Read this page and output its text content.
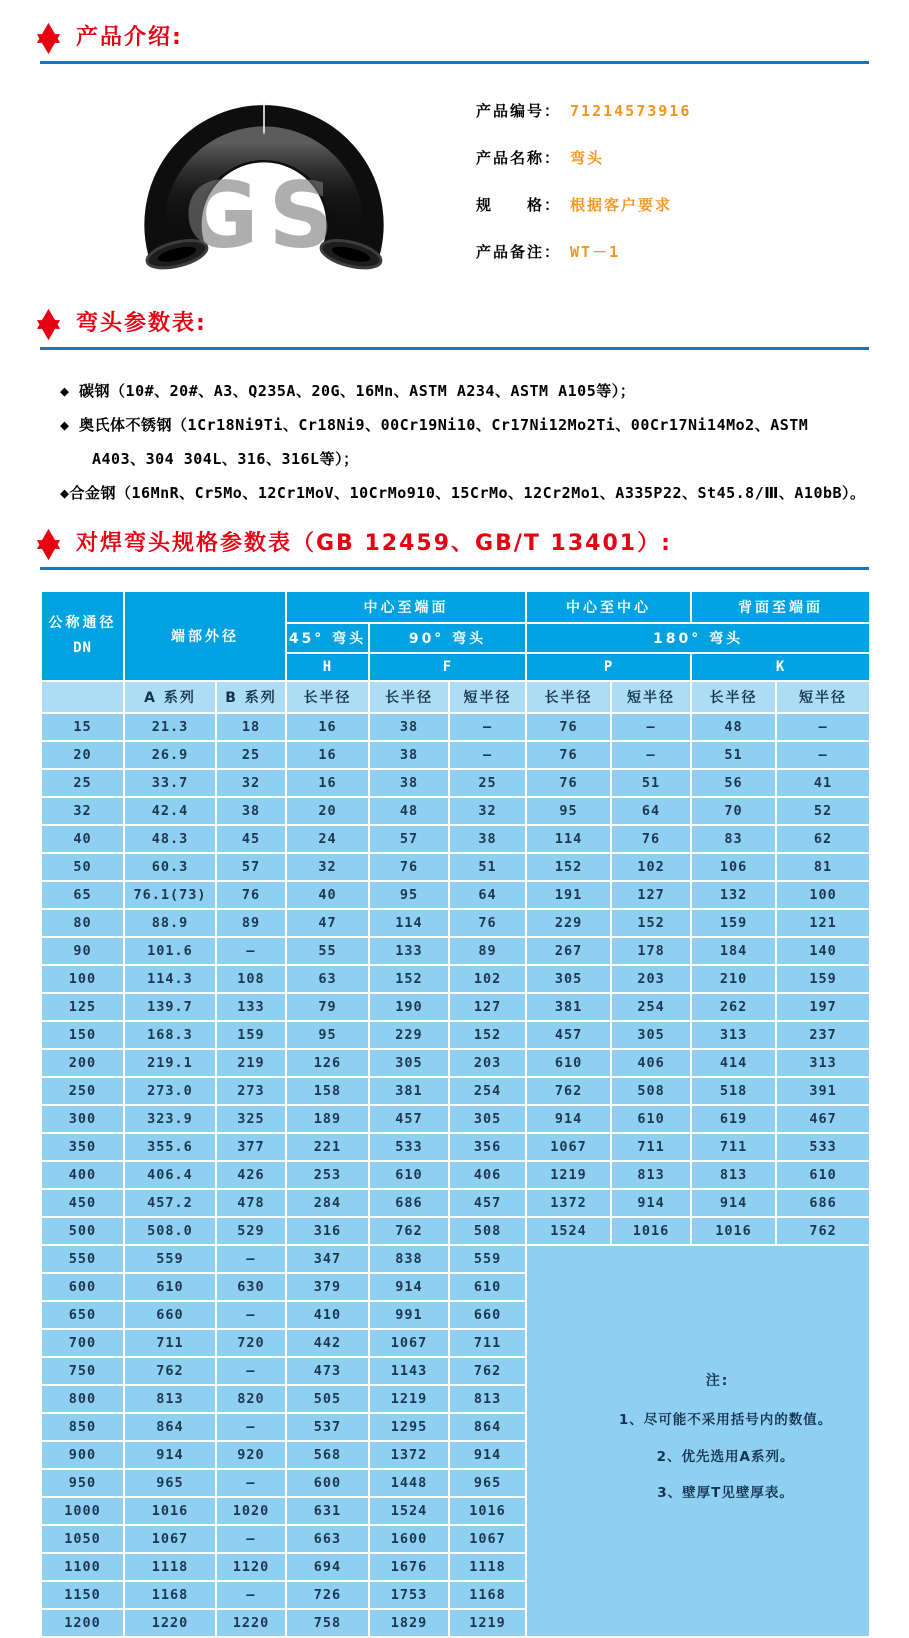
产品介绍:
GS
产品编号： 71214573916
产品名称： 弯头
规　　格： 根据客户要求
产品备注： WT－1
弯头参数表:
◆ 碳钢（10#、20#、A3、Q235A、20G、16Mn、ASTM A234、ASTM A105等）；
◆ 奥氏体不锈钢（1Cr18Ni9Ti、Cr18Ni9、00Cr19Ni10、Cr17Ni12Mo2Ti、00Cr17Ni14Mo2、ASTM A403、304 304L、316、316L等）；
◆合金钢（16MnR、Cr5Mo、12Cr1MoV、10CrMo910、15CrMo、12Cr2Mo1、A335P22、St45.8/Ⅲ、A10bB）。
对焊弯头规格参数表（GB 12459、GB/T 13401）:
公称通径
DN	端部外径		中心至端面			中心至中心		背面至端面	
			45° 弯头	90° 弯头		180° 弯头			
			H	F		P		K	
	A 系列	B 系列	长半径	长半径	短半径	长半径	短半径	长半径	短半径
15	21.3	18	16	38	—	76	—	48	—
20	26.9	25	16	38	—	76	—	51	—
25	33.7	32	16	38	25	76	51	56	41
32	42.4	38	20	48	32	95	64	70	52
40	48.3	45	24	57	38	114	76	83	62
50	60.3	57	32	76	51	152	102	106	81
65	76.1(73)	76	40	95	64	191	127	132	100
80	88.9	89	47	114	76	229	152	159	121
90	101.6	—	55	133	89	267	178	184	140
100	114.3	108	63	152	102	305	203	210	159
125	139.7	133	79	190	127	381	254	262	197
150	168.3	159	95	229	152	457	305	313	237
200	219.1	219	126	305	203	610	406	414	313
250	273.0	273	158	381	254	762	508	518	391
300	323.9	325	189	457	305	914	610	619	467
350	355.6	377	221	533	356	1067	711	711	533
400	406.4	426	253	610	406	1219	813	813	610
450	457.2	478	284	686	457	1372	914	914	686
500	508.0	529	316	762	508	1524	1016	1016	762
550	559	—	347	838	559	注:
1、尽可能不采用括号内的数值。
2、优先选用A系列。
3、壁厚T见壁厚表。			

600	610	630	379	914	610				
650	660	—	410	991	660				
700	711	720	442	1067	711				
750	762	—	473	1143	762				
800	813	820	505	1219	813				
850	864	—	537	1295	864				
900	914	920	568	1372	914				
950	965	—	600	1448	965				
1000	1016	1020	631	1524	1016				
1050	1067	—	663	1600	1067				
1100	1118	1120	694	1676	1118				
1150	1168	—	726	1753	1168				
1200	1220	1220	758	1829	1219				
